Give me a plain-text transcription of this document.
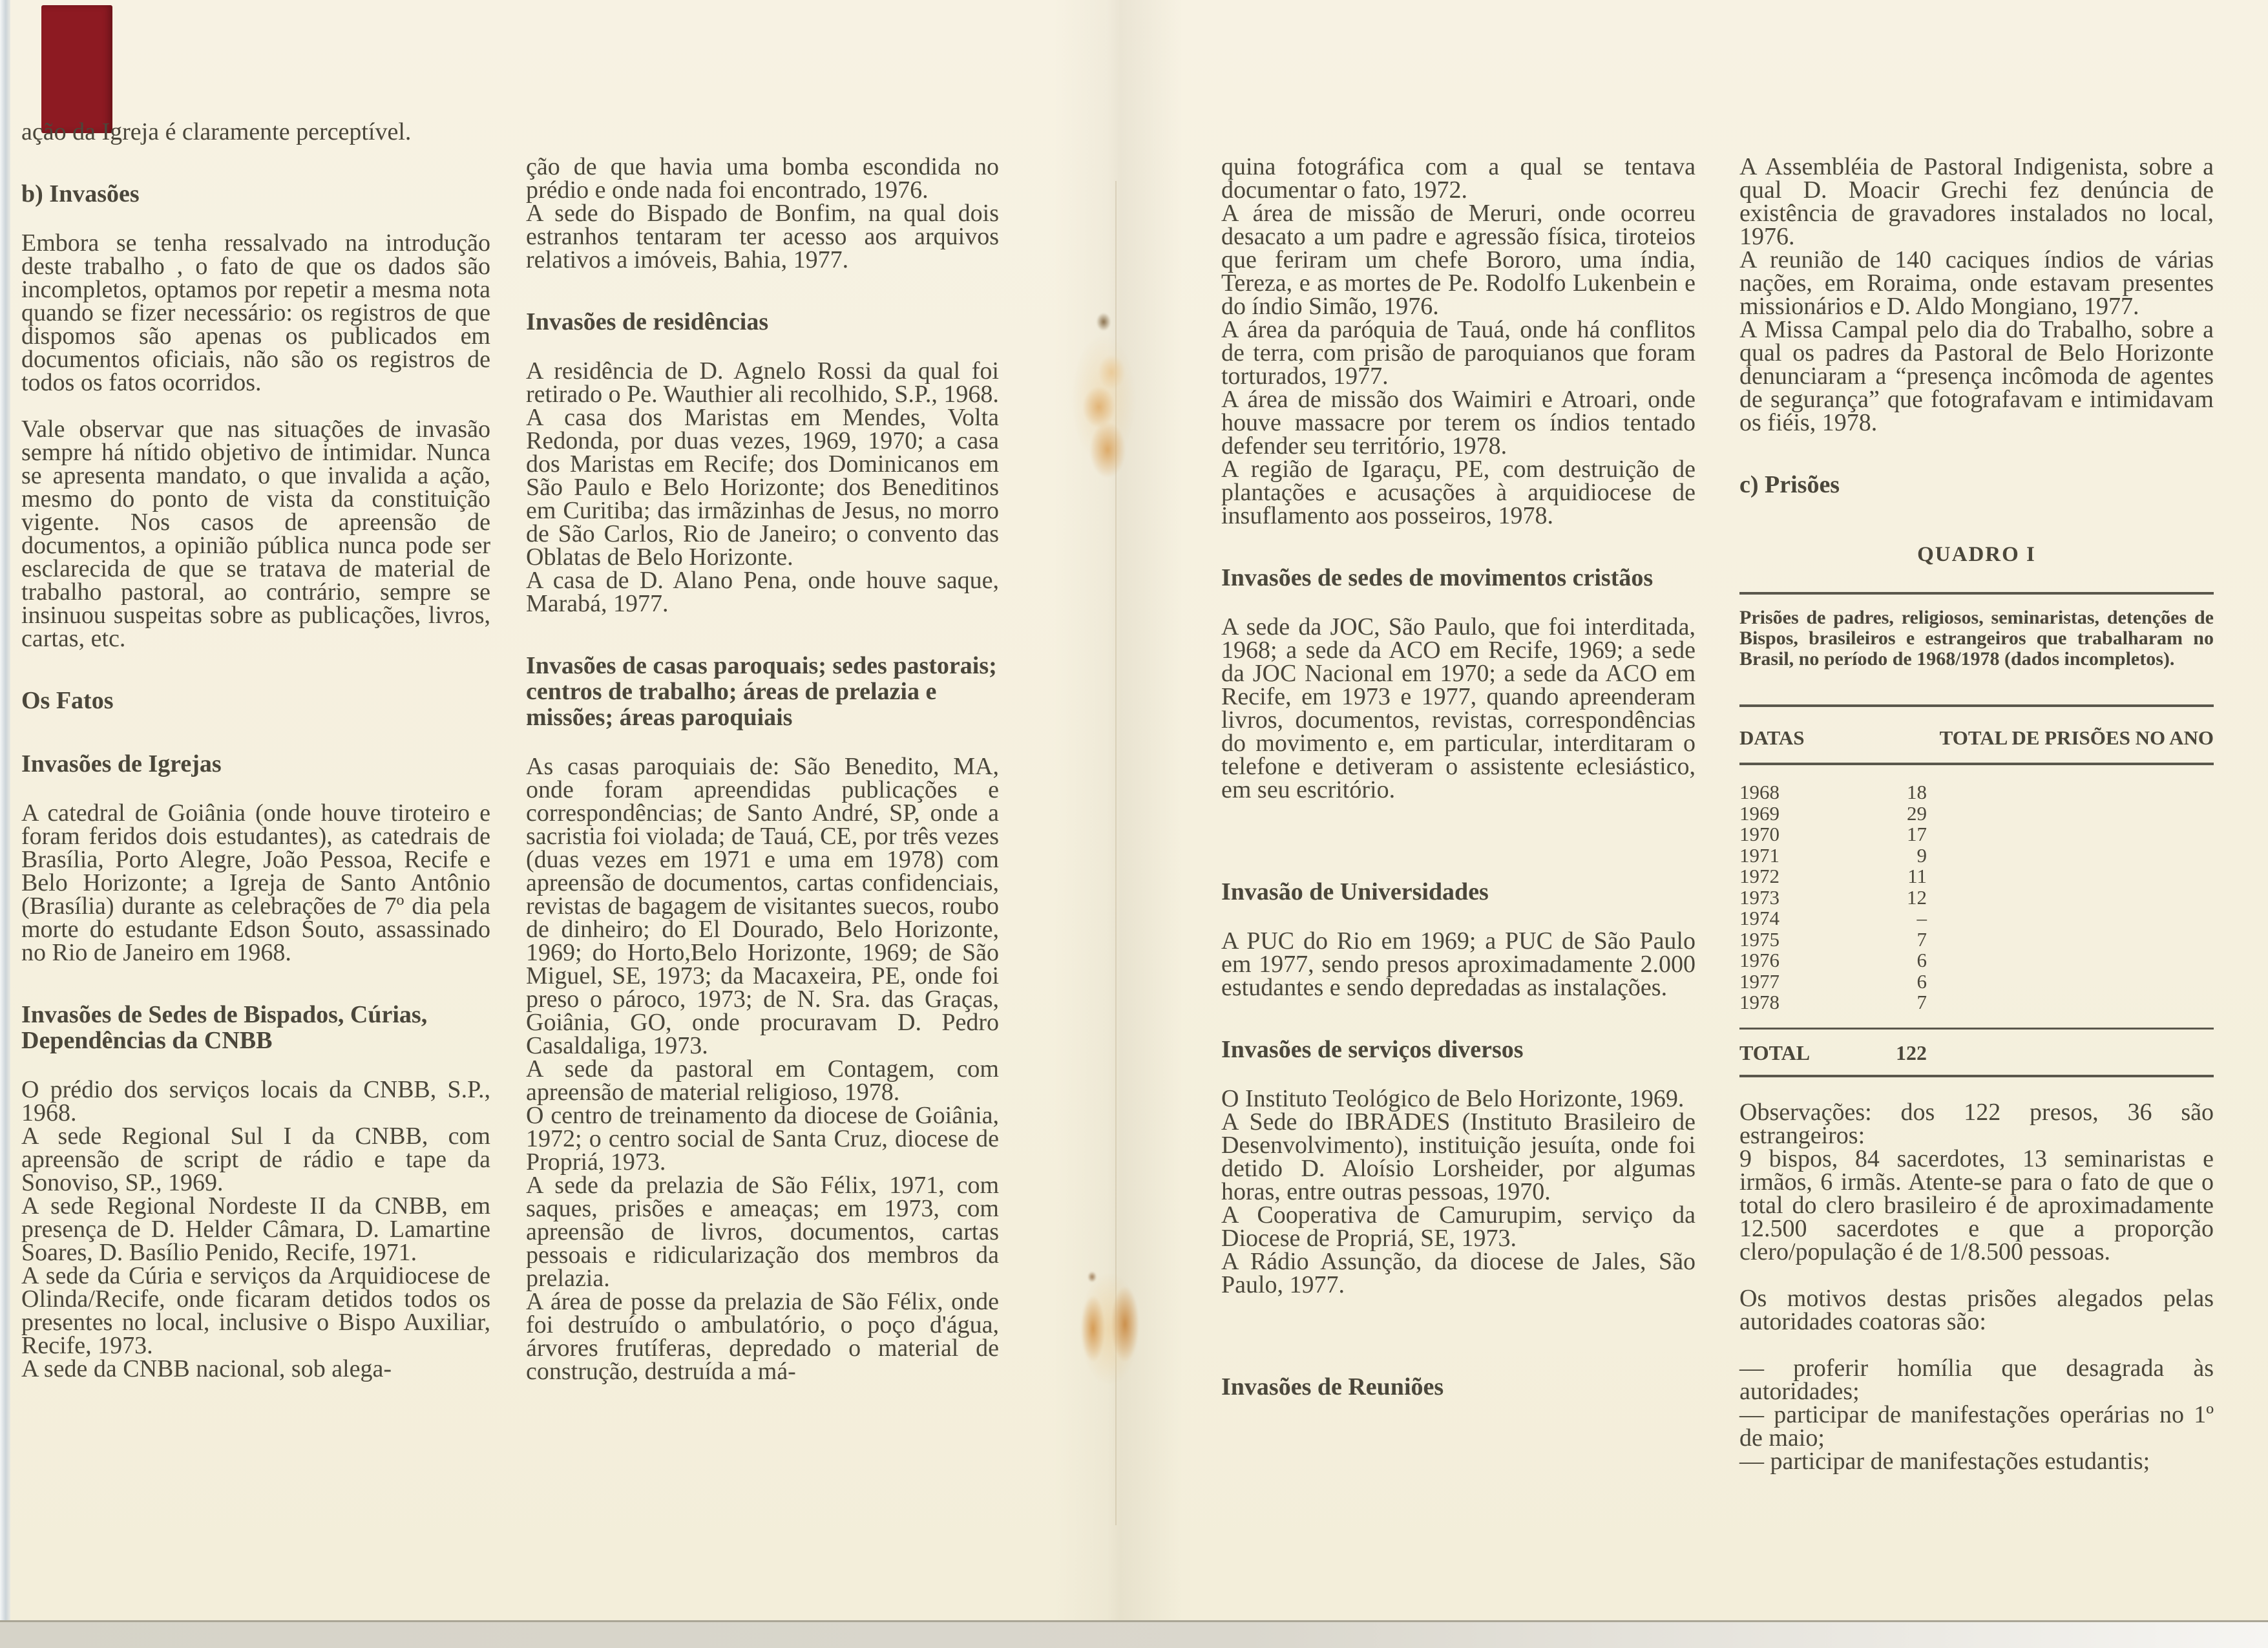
ação da Igreja é claramente perceptível.

b) Invasões

Embora se tenha ressalvado na introdução deste trabalho , o fato de que os dados são incompletos, optamos por repetir a mesma nota quando se fizer necessário: os registros de que dispomos são apenas os publicados em documentos oficiais, não são os registros de todos os fatos ocorridos.

Vale observar que nas situações de invasão sempre há nítido objetivo de intimidar. Nunca se apresenta mandato, o que invalida a ação, mesmo do ponto de vista da constituição vigente. Nos casos de apreensão de documentos, a opinião pública nunca pode ser esclarecida de que se tratava de material de trabalho pastoral, ao contrário, sempre se insinuou suspeitas sobre as publicações, livros, cartas, etc.

Os Fatos
Invasões de Igrejas

A catedral de Goiânia (onde houve tiroteiro e foram feridos dois estudantes), as catedrais de Brasília, Porto Alegre, João Pessoa, Recife e Belo Horizonte; a Igreja de Santo Antônio (Brasília) durante as celebrações de 7º dia pela morte do estudante Edson Souto, assassinado no Rio de Janeiro em 1968.

Invasões de Sedes de Bispados, Cúrias, Dependências da CNBB

O prédio dos serviços locais da CNBB, S.P., 1968.

A sede Regional Sul I da CNBB, com apreensão de script de rádio e tape da Sonoviso, SP., 1969.

A sede Regional Nordeste II da CNBB, em presença de D. Helder Câmara, D. Lamartine Soares, D. Basílio Penido, Recife, 1971.

A sede da Cúria e serviços da Arquidiocese de Olinda/Recife, onde ficaram detidos todos os presentes no local, inclusive o Bispo Auxiliar, Recife, 1973.

A sede da CNBB nacional, sob alega-

ção de que havia uma bomba escondida no prédio e onde nada foi encontrado, 1976.

A sede do Bispado de Bonfim, na qual dois estranhos tentaram ter acesso aos arquivos relativos a imóveis, Bahia, 1977.

Invasões de residências

A residência de D. Agnelo Rossi da qual foi retirado o Pe. Wauthier ali recolhido, S.P., 1968.

A casa dos Maristas em Mendes, Volta Redonda, por duas vezes, 1969, 1970; a casa dos Maristas em Recife; dos Dominicanos em São Paulo e Belo Horizonte; dos Beneditinos em Curitiba; das irmãzinhas de Jesus, no morro de São Carlos, Rio de Janeiro; o convento das Oblatas de Belo Horizonte.

A casa de D. Alano Pena, onde houve saque, Marabá, 1977.

Invasões de casas paroquais; sedes pastorais; centros de trabalho; áreas de prelazia e missões; áreas paroquiais

As casas paroquiais de: São Benedito, MA, onde foram apreendidas publicações e correspondências; de Santo André, SP, onde a sacristia foi violada; de Tauá, CE, por três vezes (duas vezes em 1971 e uma em 1978) com apreensão de documentos, cartas confidenciais, revistas de bagagem de visitantes suecos, roubo de dinheiro; do El Dourado, Belo Horizonte, 1969; do Horto,Belo Horizonte, 1969; de São Miguel, SE, 1973; da Macaxeira, PE, onde foi preso o pároco, 1973; de N. Sra. das Graças, Goiânia, GO, onde procuravam D. Pedro Casaldaliga, 1973.

A sede da pastoral em Contagem, com apreensão de material religioso, 1978.

O centro de treinamento da diocese de Goiânia, 1972; o centro social de Santa Cruz, diocese de Propriá, 1973.

A sede da prelazia de São Félix, 1971, com saques, prisões e ameaças; em 1973, com apreensão de livros, documentos, cartas pessoais e ridicularização dos membros da prelazia.

A área de posse da prelazia de São Félix, onde foi destruído o ambulatório, o poço d'água, árvores frutíferas, depredado o material de construção, destruída a má-

quina fotográfica com a qual se tentava documentar o fato, 1972.

A área de missão de Meruri, onde ocorreu desacato a um padre e agressão física, tiroteios que feriram um chefe Bororo, uma índia, Tereza, e as mortes de Pe. Rodolfo Lukenbein e do índio Simão, 1976.

A área da paróquia de Tauá, onde há conflitos de terra, com prisão de paroquianos que foram torturados, 1977.

A área de missão dos Waimiri e Atroari, onde houve massacre por terem os índios tentado defender seu território, 1978.

A região de Igaraçu, PE, com destruição de plantações e acusações à arquidiocese de insuflamento aos posseiros, 1978.

Invasões de sedes de movimentos cristãos

A sede da JOC, São Paulo, que foi interditada, 1968; a sede da ACO em Recife, 1969; a sede da JOC Nacional em 1970; a sede da ACO em Recife, em 1973 e 1977, quando apreenderam livros, documentos, revistas, correspondências do movimento e, em particular, interditaram o telefone e detiveram o assistente eclesiástico, em seu escritório.

Invasão de Universidades

A PUC do Rio em 1969; a PUC de São Paulo em 1977, sendo presos aproximadamente 2.000 estudantes e sendo depredadas as instalações.

Invasões de serviços diversos

O Instituto Teológico de Belo Horizonte, 1969.

A Sede do IBRADES (Instituto Brasileiro de Desenvolvimento), instituição jesuíta, onde foi detido D. Aloísio Lorsheider, por algumas horas, entre outras pessoas, 1970.

A Cooperativa de Camurupim, serviço da Diocese de Propriá, SE, 1973.

A Rádio Assunção, da diocese de Jales, São Paulo, 1977.

Invasões de Reuniões

A Assembléia de Pastoral Indigenista, sobre a qual D. Moacir Grechi fez denúncia de existência de gravadores instalados no local, 1976.

A reunião de 140 caciques índios de várias nações, em Roraima, onde estavam presentes missionários e D. Aldo Mongiano, 1977.

A Missa Campal pelo dia do Trabalho, sobre a qual os padres da Pastoral de Belo Horizonte denunciaram a “presença incômoda de agentes de segurança” que fotografavam e intimidavam os fiéis, 1978.

c) Prisões
QUADRO I
Prisões de padres, religiosos, seminaristas, detenções de Bispos, brasileiros e estrangeiros que trabalharam no Brasil, no período de 1968/1978 (dados incompletos).
DATAS	TOTAL DE PRISÕES NO ANO
1968	18
1969	29
1970	17
1971	9
1972	11
1973	12
1974	–
1975	7
1976	6
1977	6
1978	7
TOTAL	122

Observações: dos 122 presos, 36 são estrangeiros:

9 bispos, 84 sacerdotes, 13 seminaristas e irmãos, 6 irmãs. Atente-se para o fato de que o total do clero brasileiro é de aproximadamente 12.500 sacerdotes e que a proporção clero/população é de 1/8.500 pessoas.

Os motivos destas prisões alegados pelas autoridades coatoras são:

— proferir homília que desagrada às autoridades;

— participar de manifestações operárias no 1º de maio;

— participar de manifestações estudantis;
